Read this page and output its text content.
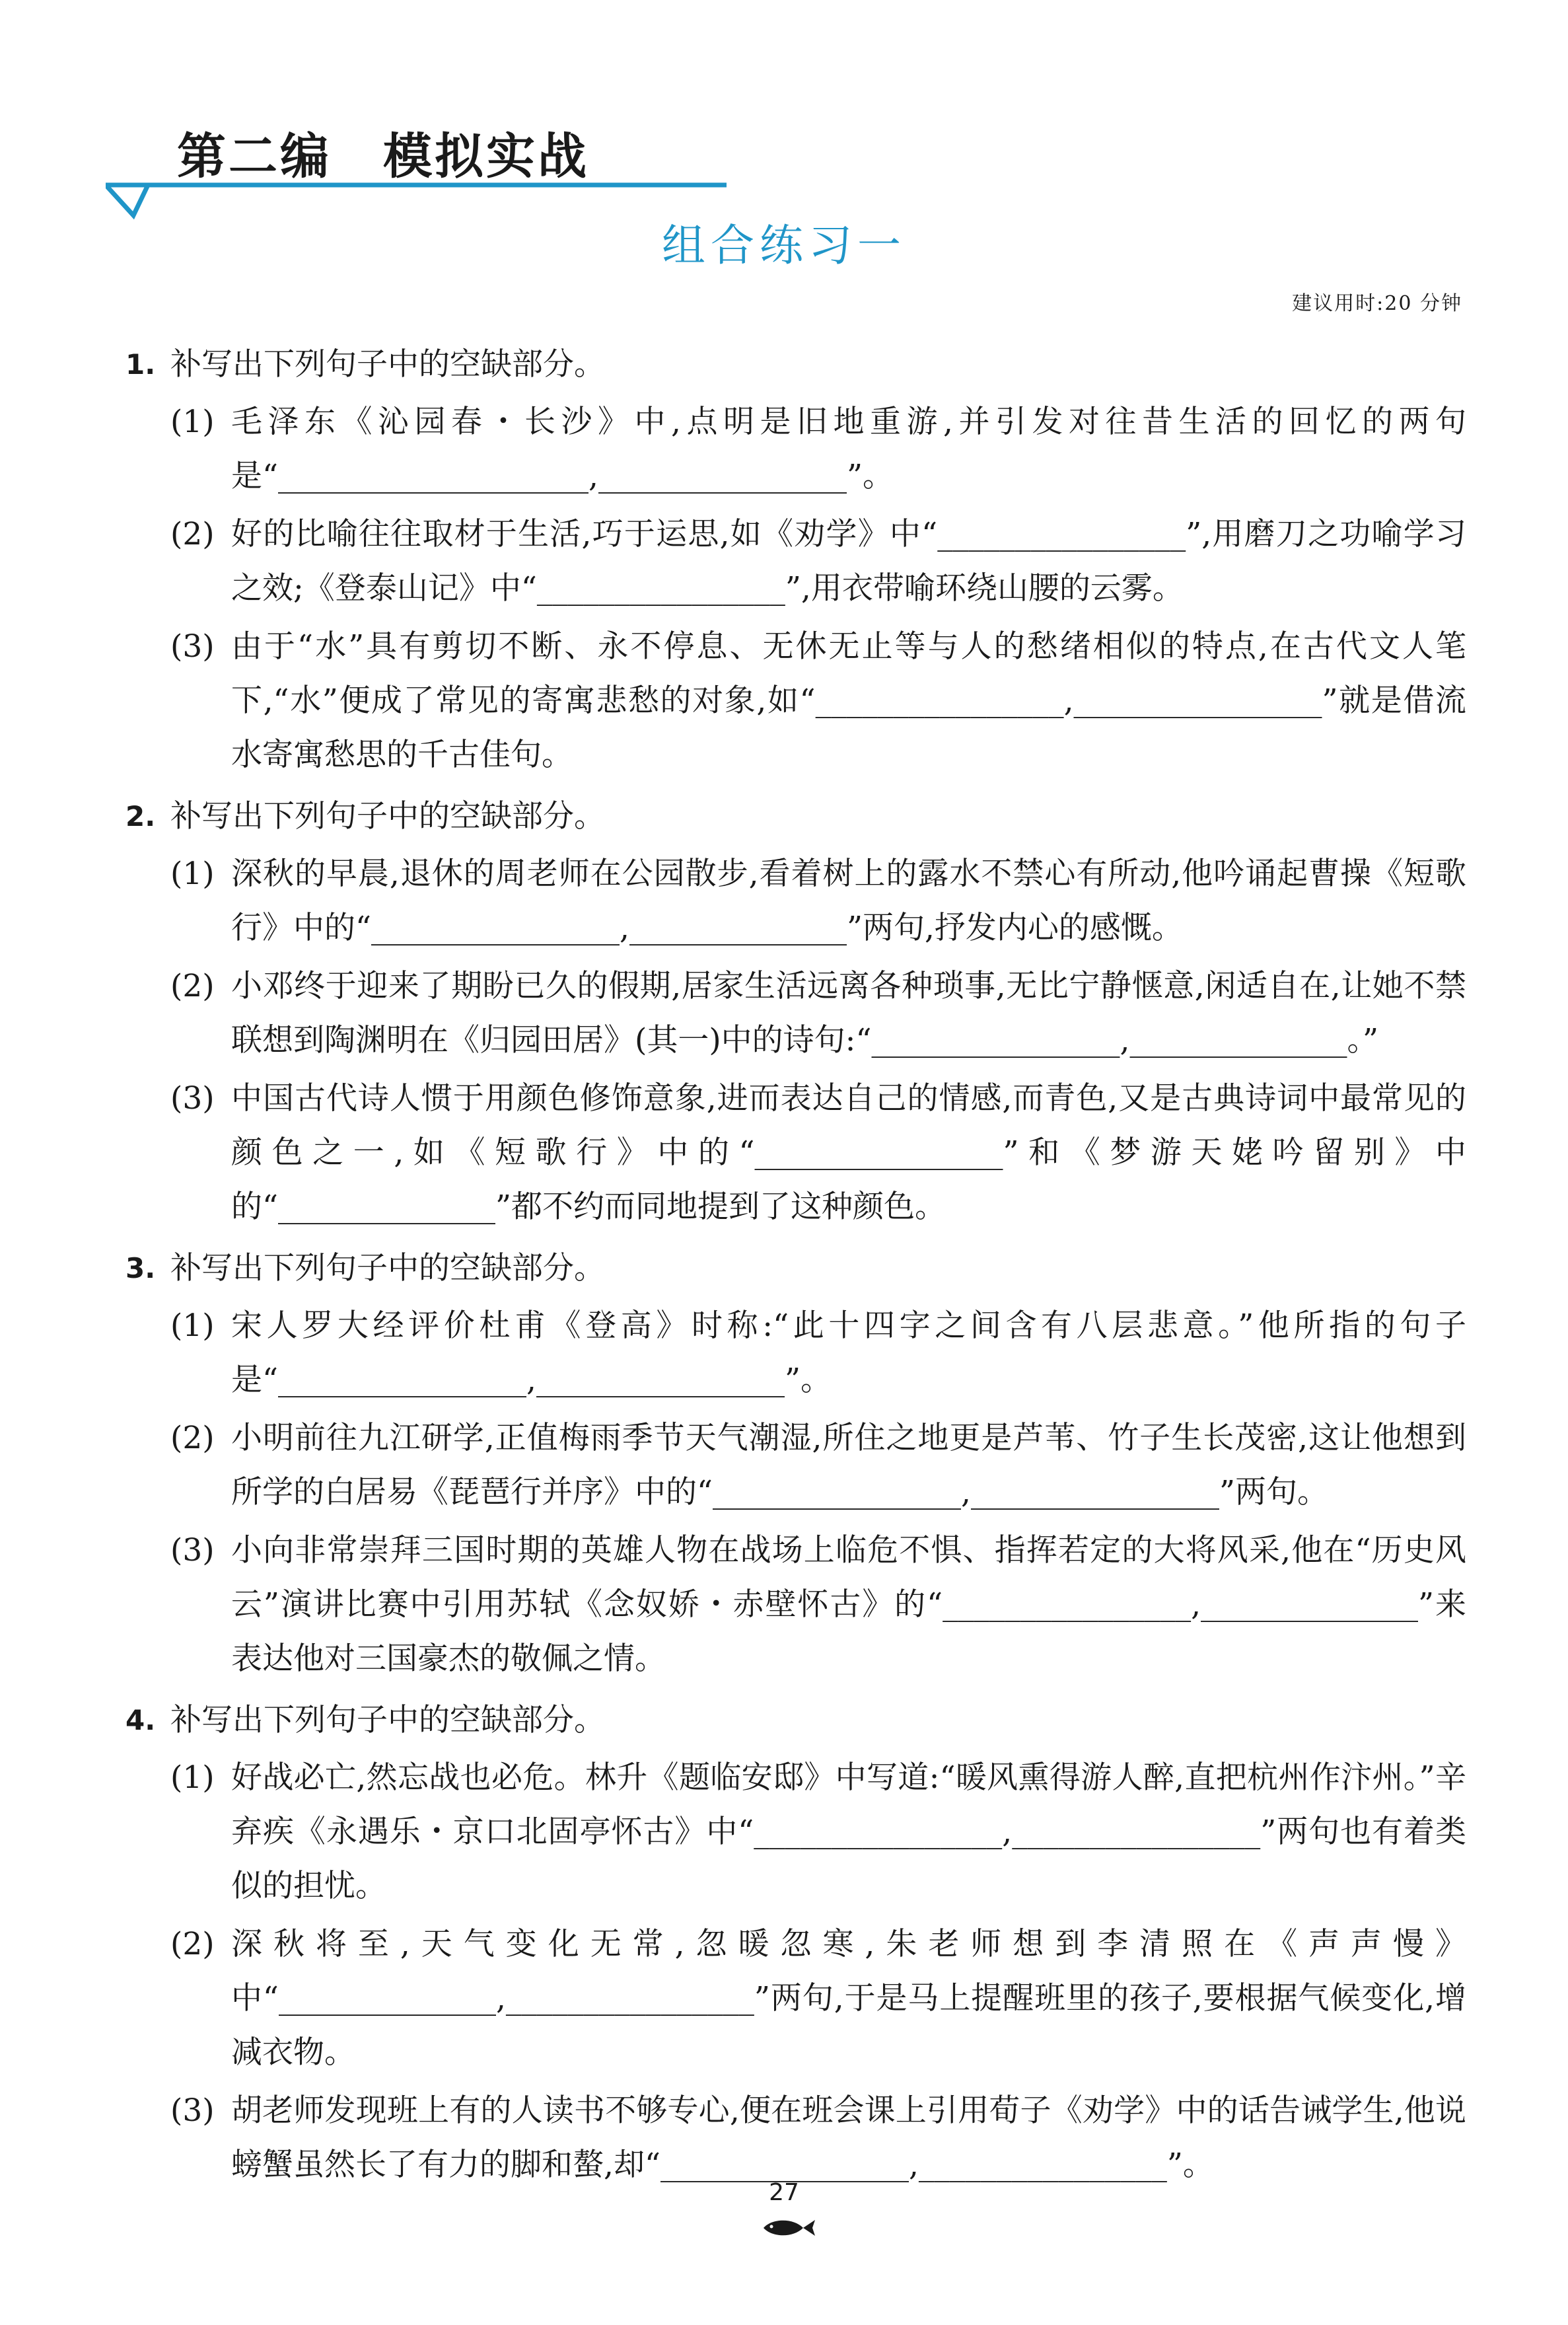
第二编　模拟实战
组合练习一
建议用时:20 分钟
1. 补写出下列句子中的空缺部分。
(1) 毛泽东《沁园春・长沙》中,点明是旧地重游,并引发对往昔生活的回忆的两句是“____________________,________________”。
(2) 好的比喻往往取材于生活,巧于运思,如《劝学》中“________________”,用磨刀之功喻学习之效;《登泰山记》中“________________”,用衣带喻环绕山腰的云雾。
(3) 由于“水”具有剪切不断、永不停息、无休无止等与人的愁绪相似的特点,在古代文人笔下,“水”便成了常见的寄寓悲愁的对象,如“________________,________________”就是借流水寄寓愁思的千古佳句。
2. 补写出下列句子中的空缺部分。
(1) 深秋的早晨,退休的周老师在公园散步,看着树上的露水不禁心有所动,他吟诵起曹操《短歌行》中的“________________,______________”两句,抒发内心的感慨。
(2) 小邓终于迎来了期盼已久的假期,居家生活远离各种琐事,无比宁静惬意,闲适自在,让她不禁联想到陶渊明在《归园田居》(其一)中的诗句:“________________,______________。”
(3) 中国古代诗人惯于用颜色修饰意象,进而表达自己的情感,而青色,又是古典诗词中最常见的颜色之一,如《短歌行》中的“________________”和《梦游天姥吟留别》中的“______________”都不约而同地提到了这种颜色。
3. 补写出下列句子中的空缺部分。
(1) 宋人罗大经评价杜甫《登高》时称:“此十四字之间含有八层悲意。”他所指的句子是“________________,________________”。
(2) 小明前往九江研学,正值梅雨季节天气潮湿,所住之地更是芦苇、竹子生长茂密,这让他想到所学的白居易《琵琶行并序》中的“________________,________________”两句。
(3) 小向非常崇拜三国时期的英雄人物在战场上临危不惧、指挥若定的大将风采,他在“历史风云”演讲比赛中引用苏轼《念奴娇・赤壁怀古》的“________________,______________”来表达他对三国豪杰的敬佩之情。
4. 补写出下列句子中的空缺部分。
(1) 好战必亡,然忘战也必危。林升《题临安邸》中写道:“暖风熏得游人醉,直把杭州作汴州。”辛弃疾《永遇乐・京口北固亭怀古》中“________________,________________”两句也有着类似的担忧。
(2) 深秋将至,天气变化无常,忽暖忽寒,朱老师想到李清照在《声声慢》中“______________,________________”两句,于是马上提醒班里的孩子,要根据气候变化,增减衣物。
(3) 胡老师发现班上有的人读书不够专心,便在班会课上引用荀子《劝学》中的话告诫学生,他说螃蟹虽然长了有力的脚和螯,却“________________,________________”。
27
